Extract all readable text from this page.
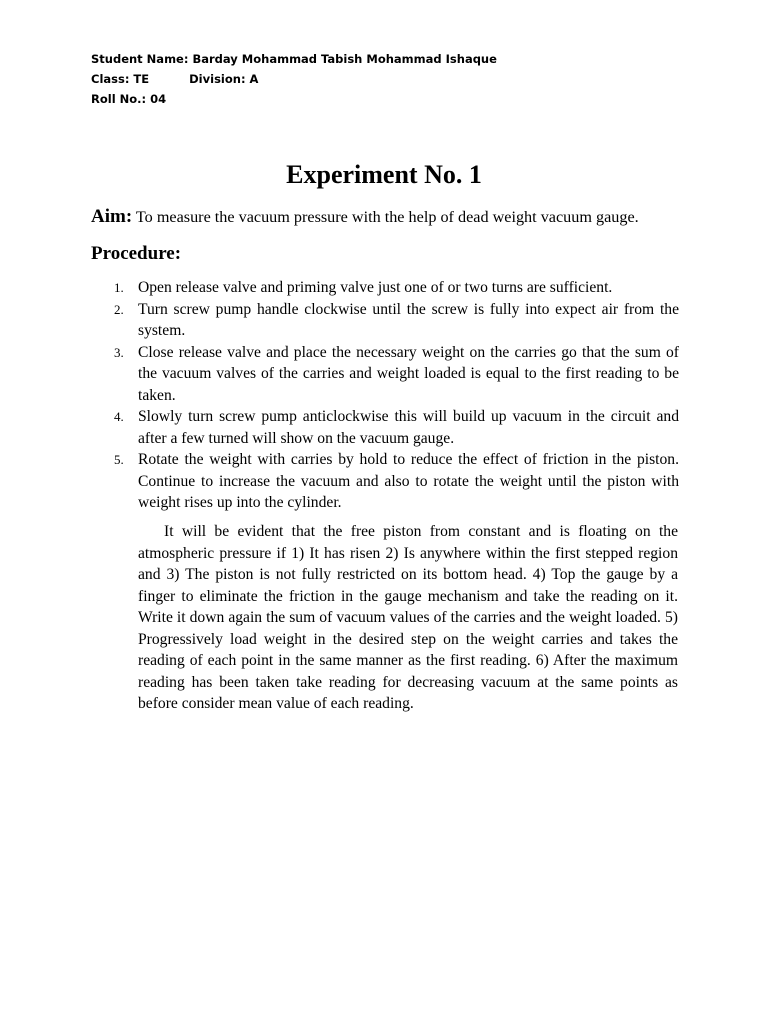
Student Name: Barday Mohammad Tabish Mohammad Ishaque
Class: TE	Division: A
Roll No.: 04
Experiment No. 1
Aim: To measure the vacuum pressure with the help of dead weight vacuum gauge.
Procedure:
1. Open release valve and priming valve just one of or two turns are sufficient.
2. Turn screw pump handle clockwise until the screw is fully into expect air from the system.
3. Close release valve and place the necessary weight on the carries go that the sum of the vacuum valves of the carries and weight loaded is equal to the first reading to be taken.
4. Slowly turn screw pump anticlockwise this will build up vacuum in the circuit and after a few turned will show on the vacuum gauge.
5. Rotate the weight with carries by hold to reduce the effect of friction in the piston. Continue to increase the vacuum and also to rotate the weight until the piston with weight rises up into the cylinder.

It will be evident that the free piston from constant and is floating on the atmospheric pressure if 1) It has risen 2) Is anywhere within the first stepped region and 3) The piston is not fully restricted on its bottom head. 4) Top the gauge by a finger to eliminate the friction in the gauge mechanism and take the reading on it. Write it down again the sum of vacuum values of the carries and the weight loaded. 5) Progressively load weight in the desired step on the weight carries and takes the reading of each point in the same manner as the first reading. 6) After the maximum reading has been taken take reading for decreasing vacuum at the same points as before consider mean value of each reading.
